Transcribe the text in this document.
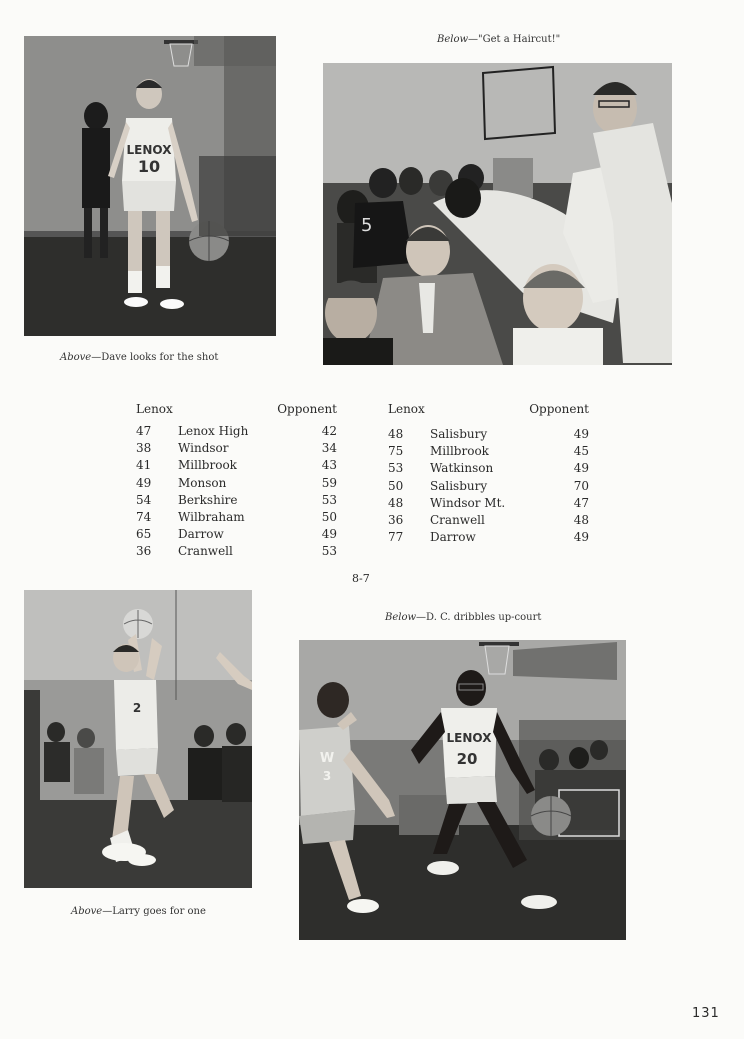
LENOX
10
Above—Dave looks for the shot
Below—"Get a Haircut!"
5
Lenox	Opponent
47 Lenox High	42
38 Windsor	34
41 Millbrook	43
49 Monson	59
54 Berkshire	53
74 Wilbraham	50
65 Darrow	49
36 Cranwell	53
Lenox	Opponent
48 Salisbury	49
75 Millbrook	45
53 Watkinson	49
50 Salisbury	70
48 Windsor Mt.	47
36 Cranwell	48
77 Darrow	49
8-7
2
Above—Larry goes for one
Below—D. C. dribbles up-court
LENOX
20
W
3
131
